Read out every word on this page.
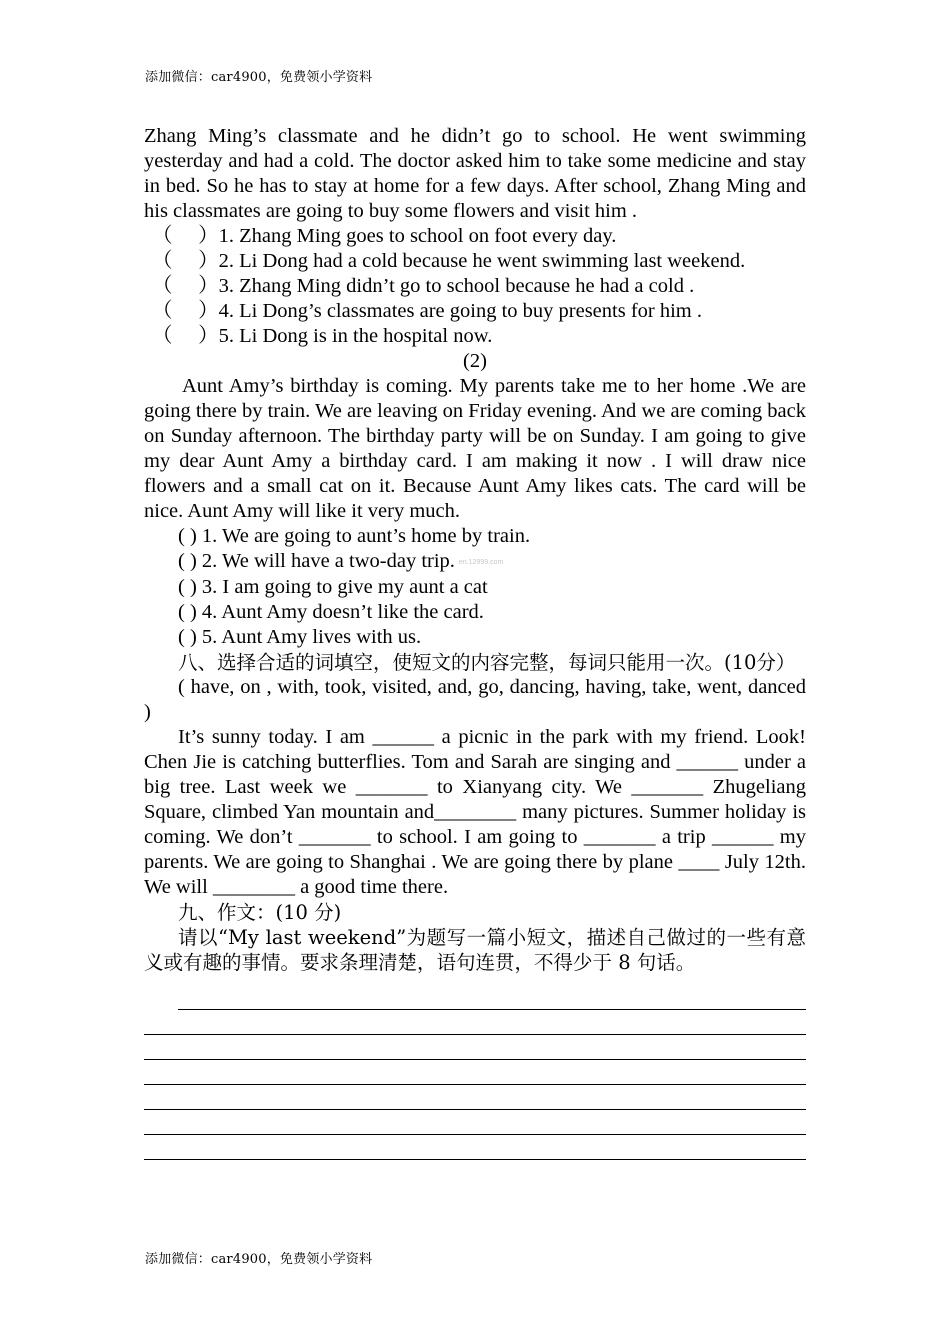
添加微信：car4900，免费领小学资料

Zhang Ming’s classmate and he didn’t go to school. He went swimming yesterday and had a cold. The doctor asked him to take some medicine and stay in bed. So he has to stay at home for a few days. After school, Zhang Ming and his classmates are going to buy some flowers and visit him .

（　 ）1. Zhang Ming goes to school on foot every day.

（　 ）2. Li Dong had a cold because he went swimming last weekend.

（　 ）3. Zhang Ming didn’t go to school because he had a cold .

（　 ）4. Li Dong’s classmates are going to buy presents for him .

（　 ）5. Li Dong is in the hospital now.

(2)

Aunt Amy’s birthday is coming. My parents take me to her home .We are going there by train. We are leaving on Friday evening. And we are coming back on Sunday afternoon. The birthday party will be on Sunday. I am going to give my dear Aunt Amy a birthday card. I am making it now . I will draw nice flowers and a small cat on it. Because Aunt Amy likes cats. The card will be nice. Aunt Amy will like it very much.

( ) 1. We are going to aunt’s home by train.

( ) 2. We will have a two-day trip. en.12999.com

( ) 3. I am going to give my aunt a cat

( ) 4. Aunt Amy doesn’t like the card.

( ) 5. Aunt Amy lives with us.

八、选择合适的词填空，使短文的内容完整，每词只能用一次。(10分）

( have, on , with, took, visited, and, go, dancing, having, take, went, danced )

It’s sunny today. I am ______ a picnic in the park with my friend. Look! Chen Jie is catching butterflies. Tom and Sarah are singing and ______ under a big tree. Last week we _______ to Xianyang city. We _______ Zhugeliang Square, climbed Yan mountain and________ many pictures. Summer holiday is coming. We don’t _______ to school. I am going to _______ a trip ______ my parents. We are going to Shanghai . We are going there by plane ____ July 12th. We will ________ a good time there.

九、作文：(10 分)

请以“My last weekend”为题写一篇小短文，描述自己做过的一些有意义或有趣的事情。要求条理清楚，语句连贯，不得少于 8 句话。

添加微信：car4900，免费领小学资料
